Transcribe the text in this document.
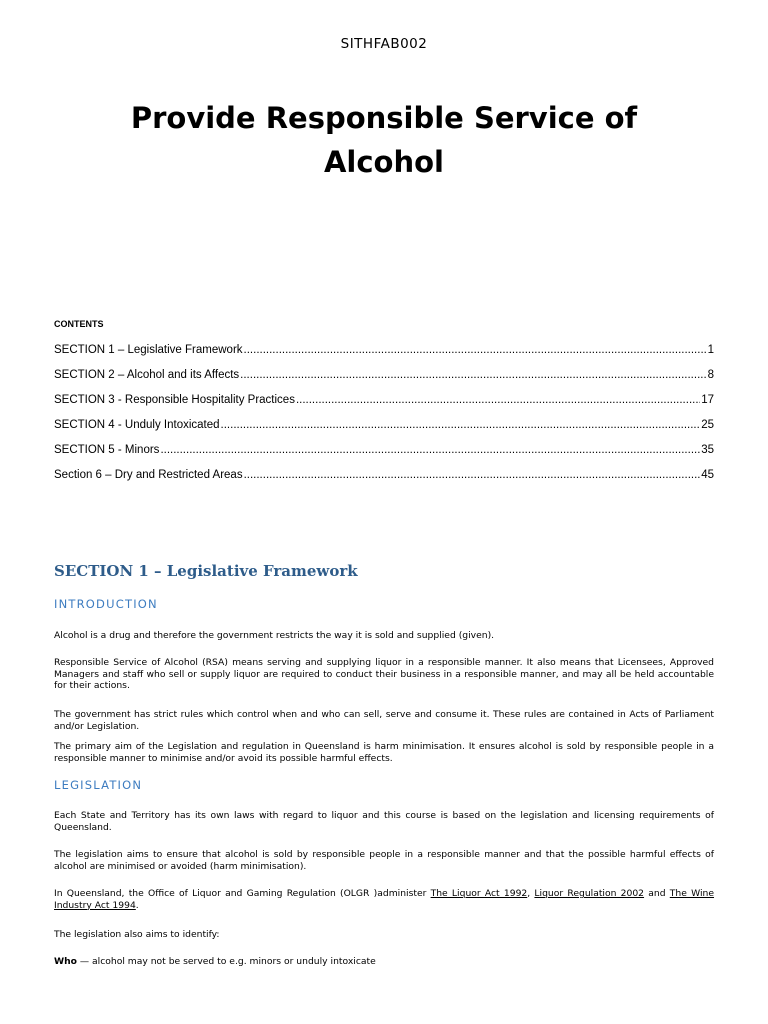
SITHFAB002
Provide Responsible Service of
Alcohol
CONTENTS
SECTION 1 – Legislative Framework .....	1
SECTION 2 – Alcohol and its Affects .....	8
SECTION 3 - Responsible Hospitality Practices .....	17
SECTION 4 - Unduly Intoxicated .....	25
SECTION 5 - Minors .....	35
Section 6 – Dry and Restricted Areas .....	45
SECTION 1 – Legislative Framework
INTRODUCTION

Alcohol is a drug and therefore the government restricts the way it is sold and supplied (given).

Responsible Service of Alcohol (RSA) means serving and supplying liquor in a responsible manner. It also means that Licensees, Approved Managers and staff who sell or supply liquor are required to conduct their business in a responsible manner, and may all be held accountable for their actions.

The government has strict rules which control when and who can sell, serve and consume it. These rules are contained in Acts of Parliament and/or Legislation.

The primary aim of the Legislation and regulation in Queensland is harm minimisation. It ensures alcohol is sold by responsible people in a responsible manner to minimise and/or avoid its possible harmful effects.

LEGISLATION

Each State and Territory has its own laws with regard to liquor and this course is based on the legislation and licensing requirements of Queensland.

The legislation aims to ensure that alcohol is sold by responsible people in a responsible manner and that the possible harmful effects of alcohol are minimised or avoided (harm minimisation).

In Queensland, the Office of Liquor and Gaming Regulation (OLGR )administer The Liquor Act 1992, Liquor Regulation 2002 and The Wine Industry Act 1994.

The legislation also aims to identify:

Who — alcohol may not be served to e.g. minors or unduly intoxicate
